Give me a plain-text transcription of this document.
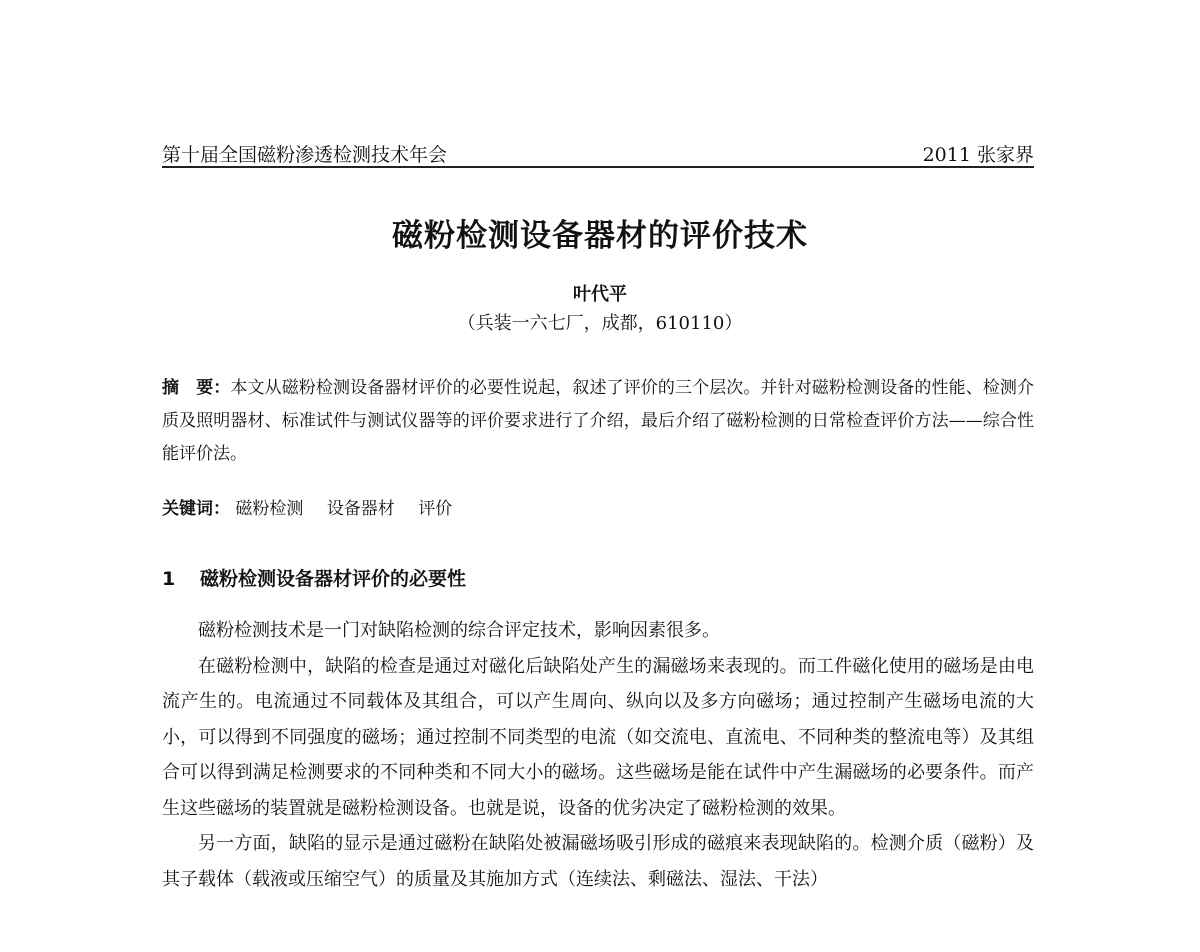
第十届全国磁粉渗透检测技术年会	2011 张家界
磁粉检测设备器材的评价技术
叶代平
（兵装一六七厂，成都，610110）
摘　要：本文从磁粉检测设备器材评价的必要性说起，叙述了评价的三个层次。并针对磁粉检测设备的性能、检测介质及照明器材、标准试件与测试仪器等的评价要求进行了介绍，最后介绍了磁粉检测的日常检查评价方法——综合性能评价法。
关键词： 磁粉检测 设备器材 评价
1 磁粉检测设备器材评价的必要性

磁粉检测技术是一门对缺陷检测的综合评定技术，影响因素很多。

在磁粉检测中，缺陷的检查是通过对磁化后缺陷处产生的漏磁场来表现的。而工件磁化使用的磁场是由电流产生的。电流通过不同载体及其组合，可以产生周向、纵向以及多方向磁场；通过控制产生磁场电流的大小，可以得到不同强度的磁场；通过控制不同类型的电流（如交流电、直流电、不同种类的整流电等）及其组合可以得到满足检测要求的不同种类和不同大小的磁场。这些磁场是能在试件中产生漏磁场的必要条件。而产生这些磁场的装置就是磁粉检测设备。也就是说，设备的优劣决定了磁粉检测的效果。

另一方面，缺陷的显示是通过磁粉在缺陷处被漏磁场吸引形成的磁痕来表现缺陷的。检测介质（磁粉）及其子载体（载液或压缩空气）的质量及其施加方式（连续法、剩磁法、湿法、干法）
